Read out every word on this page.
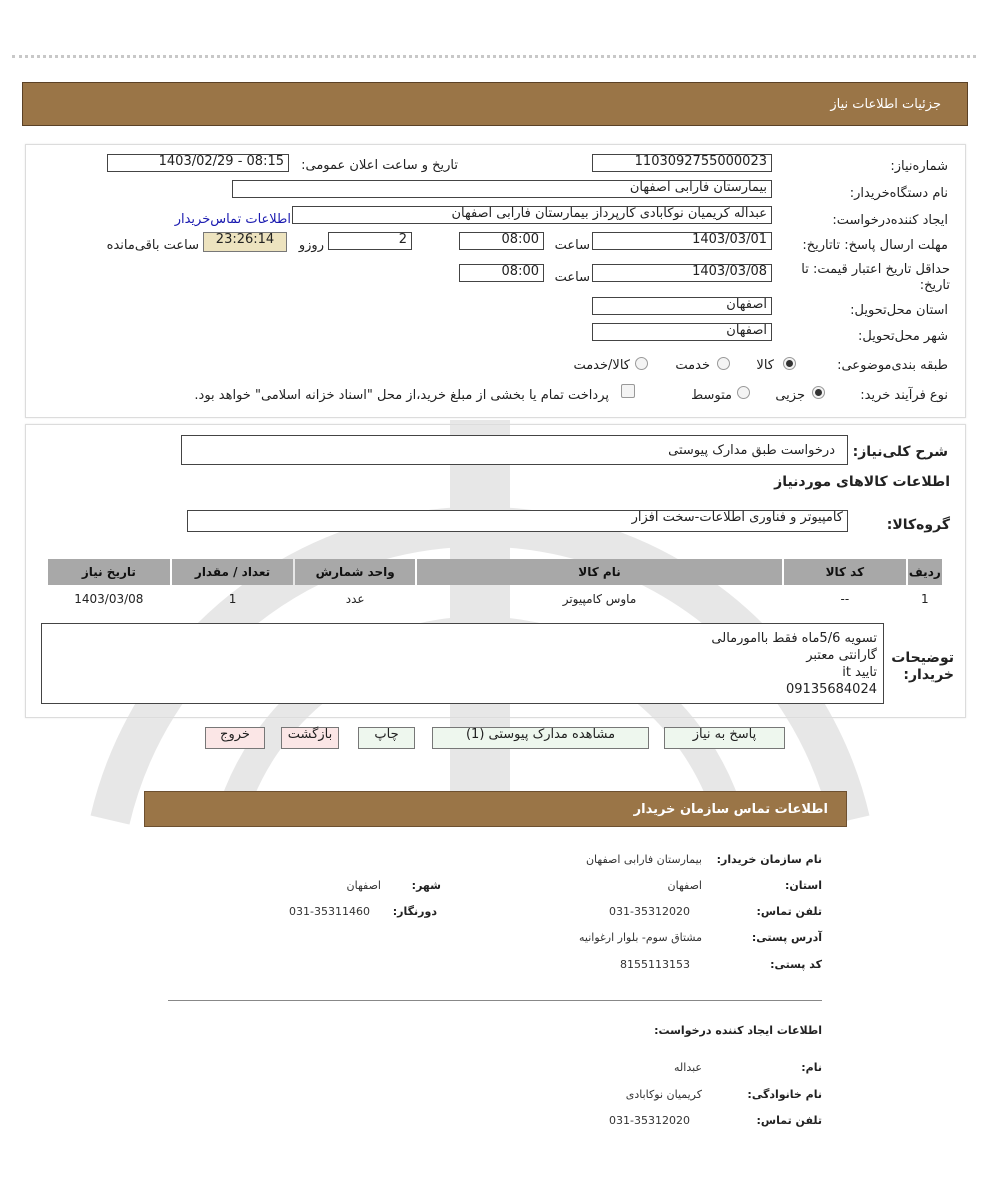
جزئیات اطلاعات نیاز
شماره‌نیاز:
1103092755000023
تاریخ و ساعت اعلان عمومی:
1403/02/29 - 08:15
نام دستگاه‌خریدار:
بیمارستان فارابی اصفهان
ایجاد کننده‌درخواست:
عبداله کریمیان نوکابادی کارپرداز بیمارستان فارابی اصفهان
اطلاعات تماس‌خریدار
مهلت ارسال پاسخ: تاتاریخ:
1403/03/01
ساعت
08:00
2
روزو
23:26:14
ساعت باقی‌مانده
حداقل تاریخ اعتبار قیمت: تا تاریخ:
1403/03/08
ساعت
08:00
استان محل‌تحویل:
اصفهان
شهر محل‌تحویل:
اصفهان
طبقه بندی‌موضوعی:
کالا
خدمت
کالا/خدمت
نوع فرآیند خرید:
جزیی
متوسط
پرداخت تمام یا بخشی از مبلغ خرید،از محل "اسناد خزانه اسلامی" خواهد بود.
شرح کلی‌نیاز:
درخواست طبق مدارک پیوستی
اطلاعات کالاهای موردنیاز
گروه‌کالا:
کامپیوتر و فناوری اطلاعات-سخت افزار
ردیف	کد کالا	نام کالا	واحد شمارش	تعداد / مقدار	تاریخ نیاز
1	--	ماوس کامپیوتر	عدد	1	1403/03/08
توضیحات خریدار:
تسویه 5/6ماه فقط باامورمالی
گارانتی معتبر
تایید it
09135684024
پاسخ به نیاز
مشاهده مدارک پیوستی (1)
چاپ
بازگشت
خروج
اطلاعات تماس سازمان خریدار
نام سازمان خریدار:
بیمارستان فارابی اصفهان
استان:
اصفهان
شهر:
اصفهان
تلفن تماس:
031-35312020
دورنگار:
031-35311460
آدرس پستی:
مشتاق سوم- بلوار ارغوانیه
کد پستی:
8155113153
اطلاعات ایجاد کننده درخواست:
نام:
عبداله
نام خانوادگی:
کریمیان نوکابادی
تلفن تماس:
031-35312020
